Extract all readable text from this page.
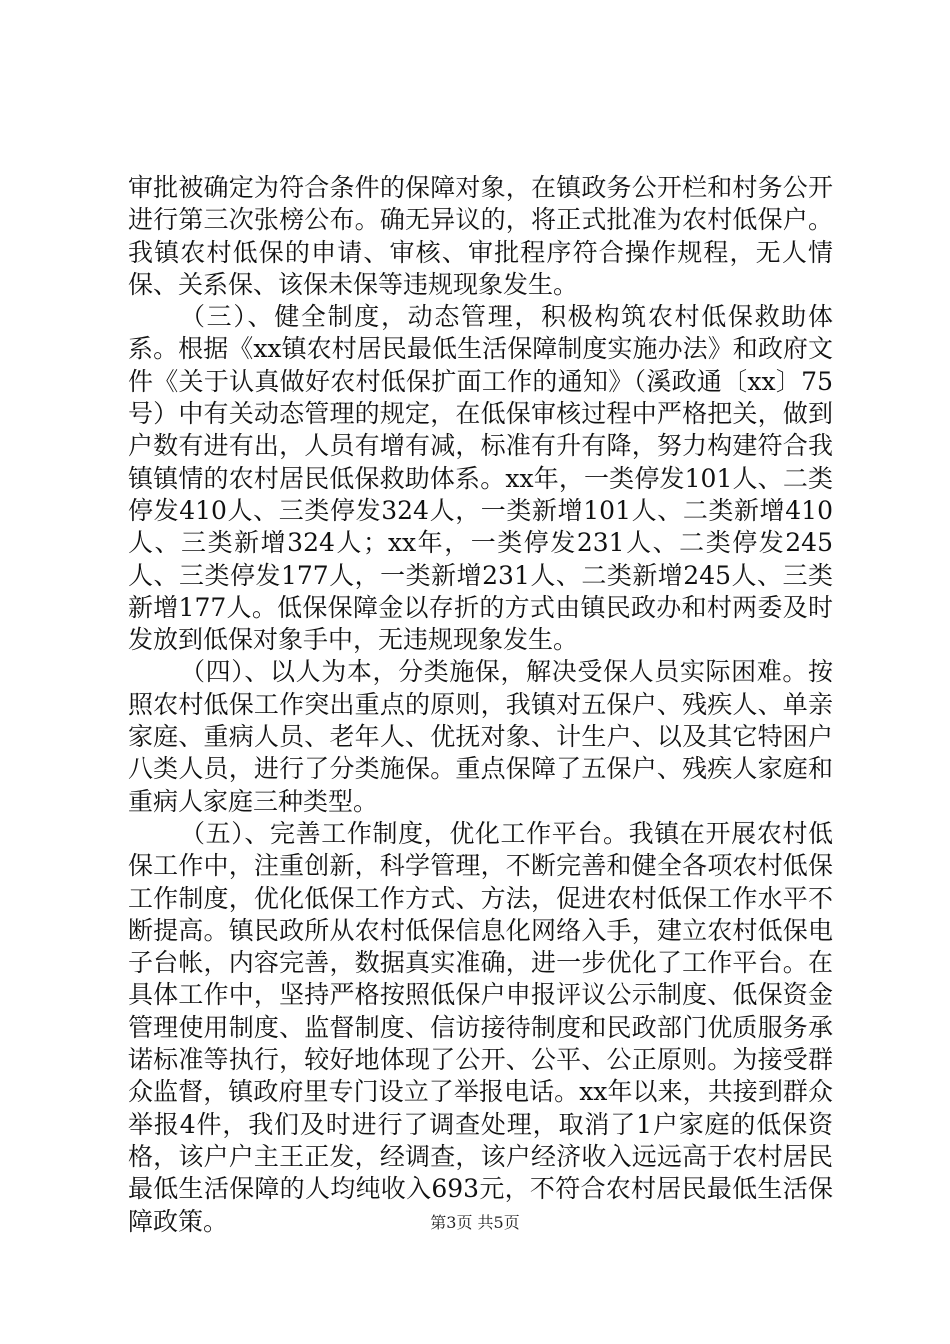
审批被确定为符合条件的保障对象，在镇政务公开栏和村务公开进行第三次张榜公布。确无异议的，将正式批准为农村低保户。我镇农村低保的申请、审核、审批程序符合操作规程，无人情保、关系保、该保未保等违规现象发生。

（三）、健全制度，动态管理，积极构筑农村低保救助体系。根据《xx镇农村居民最低生活保障制度实施办法》和政府文件《关于认真做好农村低保扩面工作的通知》（溪政通〔xx〕75号）中有关动态管理的规定，在低保审核过程中严格把关，做到户数有进有出，人员有增有减，标准有升有降，努力构建符合我镇镇情的农村居民低保救助体系。xx年，一类停发101人、二类停发410人、三类停发324人，一类新增101人、二类新增410人、三类新增324人；xx年，一类停发231人、二类停发245人、三类停发177人，一类新增231人、二类新增245人、三类新增177人。低保保障金以存折的方式由镇民政办和村两委及时发放到低保对象手中，无违规现象发生。

（四）、以人为本，分类施保，解决受保人员实际困难。按照农村低保工作突出重点的原则，我镇对五保户、残疾人、单亲家庭、重病人员、老年人、优抚对象、计生户、以及其它特困户八类人员，进行了分类施保。重点保障了五保户、残疾人家庭和重病人家庭三种类型。

（五）、完善工作制度，优化工作平台。我镇在开展农村低保工作中，注重创新，科学管理，不断完善和健全各项农村低保工作制度，优化低保工作方式、方法，促进农村低保工作水平不断提高。镇民政所从农村低保信息化网络入手，建立农村低保电子台帐，内容完善，数据真实准确，进一步优化了工作平台。在具体工作中，坚持严格按照低保户申报评议公示制度、低保资金管理使用制度、监督制度、信访接待制度和民政部门优质服务承诺标准等执行，较好地体现了公开、公平、公正原则。为接受群众监督，镇政府里专门设立了举报电话。xx年以来，共接到群众举报4件，我们及时进行了调查处理，取消了1户家庭的低保资格，该户户主王正发，经调查，该户经济收入远远高于农村居民最低生活保障的人均纯收入693元，不符合农村居民最低生活保障政策。	第3页 共5页
